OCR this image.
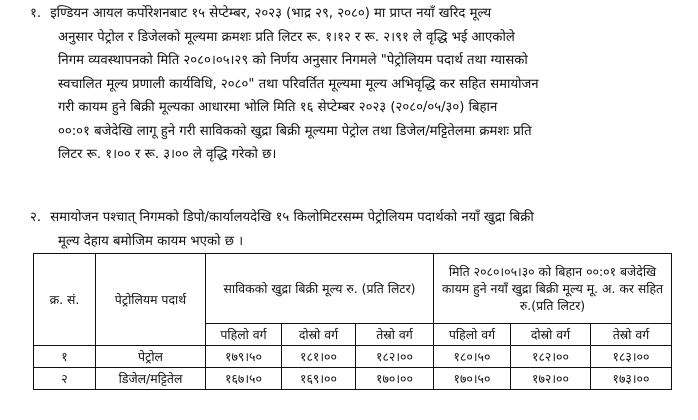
१. इण्डियन आयल कर्पोरेशनबाट १५ सेप्टेम्बर, २०२३ (भाद्र २९, २०८०) मा प्राप्त नयाँ खरिद मूल्य
अनुसार पेट्रोल र डिजेलको मूल्यमा क्रमशः प्रति लिटर रू. १।१२ र रू. २।९१ ले वृद्धि भई आएकोले
निगम व्यवस्थापनको मिति २०८०।०५।२९ को निर्णय अनुसार निगमले "पेट्रोलियम पदार्थ तथा ग्यासको
स्वचालित मूल्य प्रणाली कार्यविधि, २०८०" तथा परिवर्तित मूल्यमा मूल्य अभिवृद्धि कर सहित समायोजन
गरी कायम हुने बिक्री मूल्यका आधारमा भोलि मिति १६ सेप्टेम्बर २०२३ (२०८०/०५/३०) बिहान
००:०१ बजेदेखि लागू हुने गरी साविकको खुद्रा बिक्री मूल्यमा पेट्रोल तथा डिजेल/मट्टितेलमा क्रमशः प्रति
लिटर रू. १।०० र रू. ३।०० ले वृद्धि गरेको छ।
२. समायोजन पश्चात् निगमको डिपो/कार्यालयदेखि १५ किलोमिटरसम्म पेट्रोलियम पदार्थको नयाँ खुद्रा बिक्री
मूल्य देहाय बमोजिम कायम भएको छ ।
क्र. सं.	पेट्रोलियम पदार्थ	साविकको खुद्रा बिक्री मूल्य रु. (प्रति लिटर)			मिति २०८०।०५।३० को बिहान ००:०१ बजेदेखि कायम हुने नयाँ खुद्रा बिक्री मूल्य मू. अ. कर सहित रु.(प्रति लिटर)		
		पहिलो वर्ग	दोस्रो वर्ग	तेस्रो वर्ग	पहिलो वर्ग	दोस्रो वर्ग	तेस्रो वर्ग
१	पेट्रोल	१७९।५०	१८१।००	१८२।००	१८०।५०	१८२।००	१८३।००
२	डिजेल/मट्टितेल	१६७।५०	१६९।००	१७०।००	१७०।५०	१७२।००	१७३।००
